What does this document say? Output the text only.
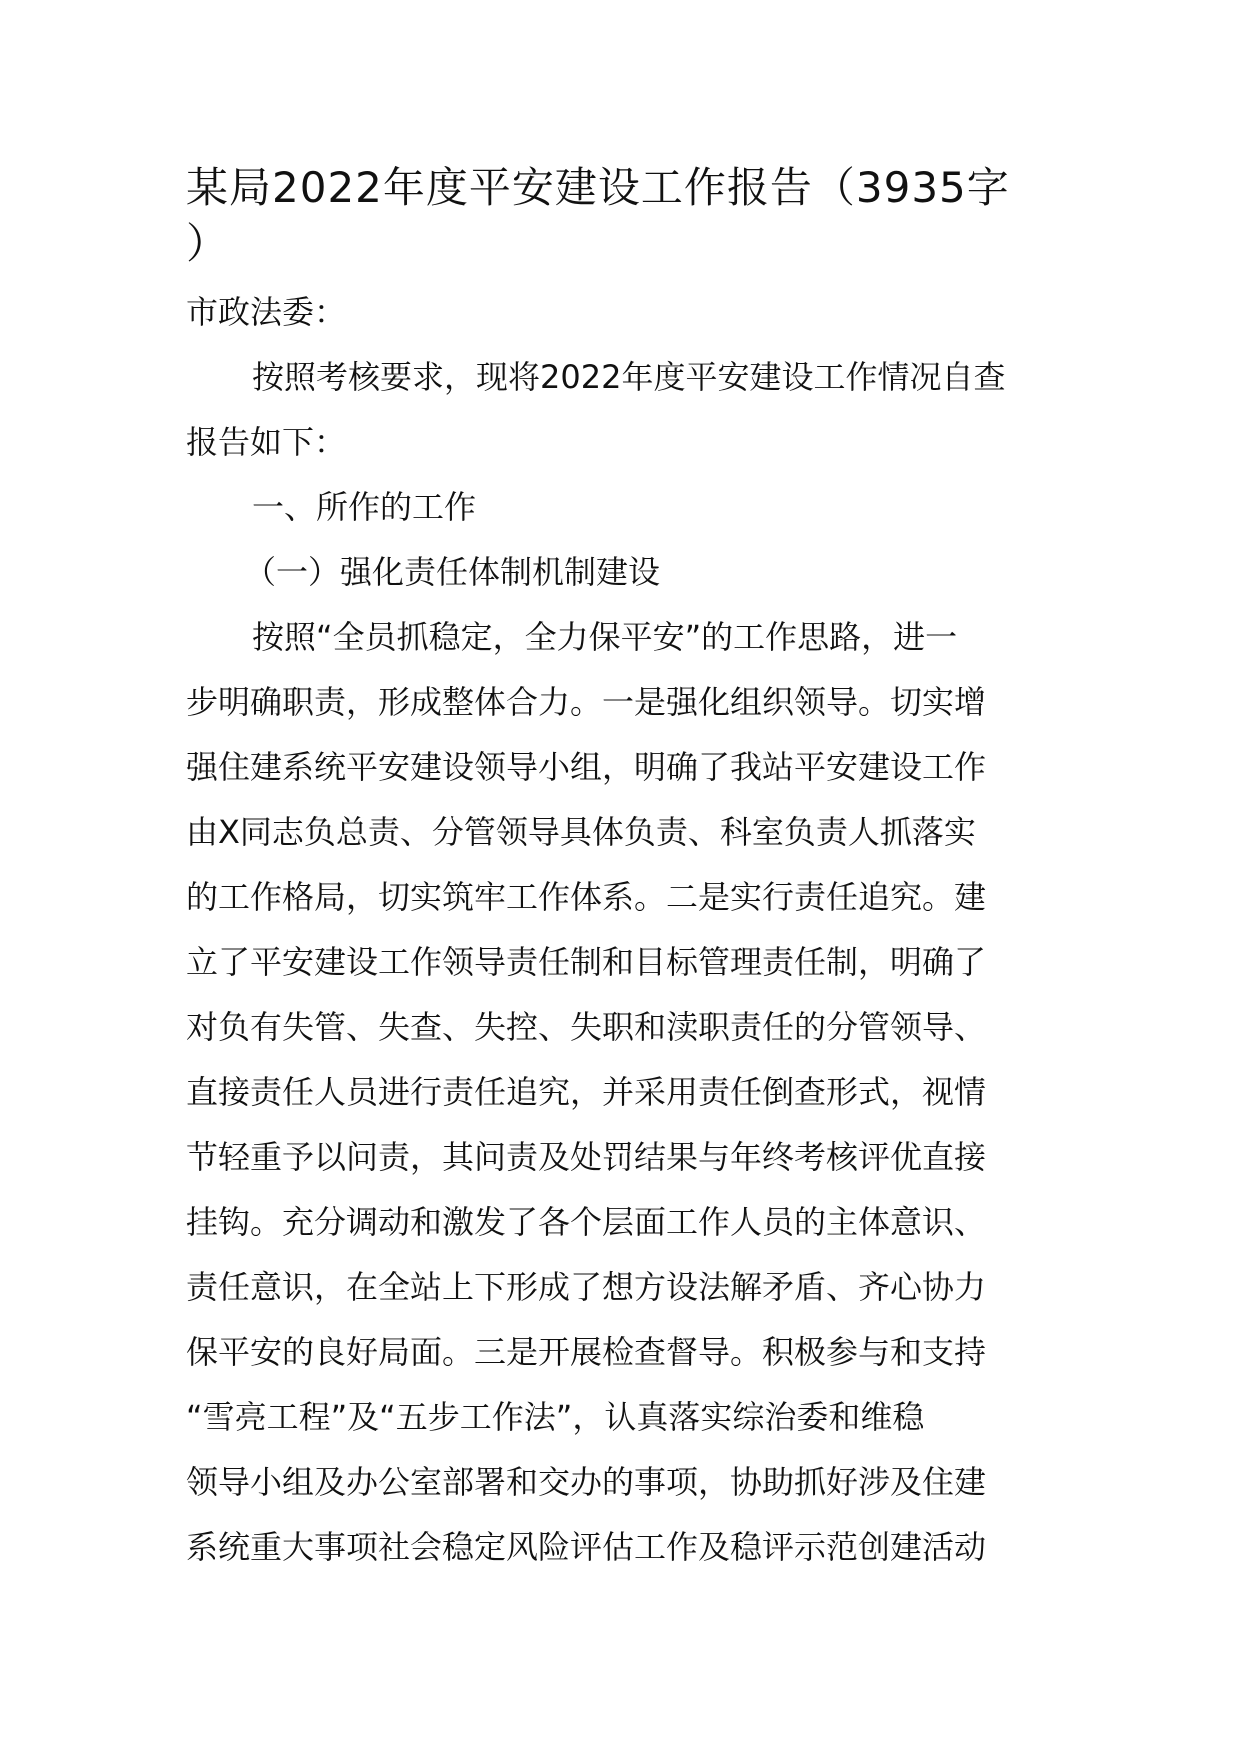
某局2022年度平安建设工作报告（3935字
）
市政法委：
按照考核要求，现将2022年度平安建设工作情况自查
报告如下：
一、所作的工作
（一）强化责任体制机制建设
按照“全员抓稳定，全力保平安”的工作思路，进一
步明确职责，形成整体合力。一是强化组织领导。切实增
强住建系统平安建设领导小组，明确了我站平安建设工作
由X同志负总责、分管领导具体负责、科室负责人抓落实
的工作格局，切实筑牢工作体系。二是实行责任追究。建
立了平安建设工作领导责任制和目标管理责任制，明确了
对负有失管、失查、失控、失职和渎职责任的分管领导、
直接责任人员进行责任追究，并采用责任倒查形式，视情
节轻重予以问责，其问责及处罚结果与年终考核评优直接
挂钩。充分调动和激发了各个层面工作人员的主体意识、
责任意识，在全站上下形成了想方设法解矛盾、齐心协力
保平安的良好局面。三是开展检查督导。积极参与和支持
“雪亮工程”及“五步工作法”，认真落实综治委和维稳
领导小组及办公室部署和交办的事项，协助抓好涉及住建
系统重大事项社会稳定风险评估工作及稳评示范创建活动
